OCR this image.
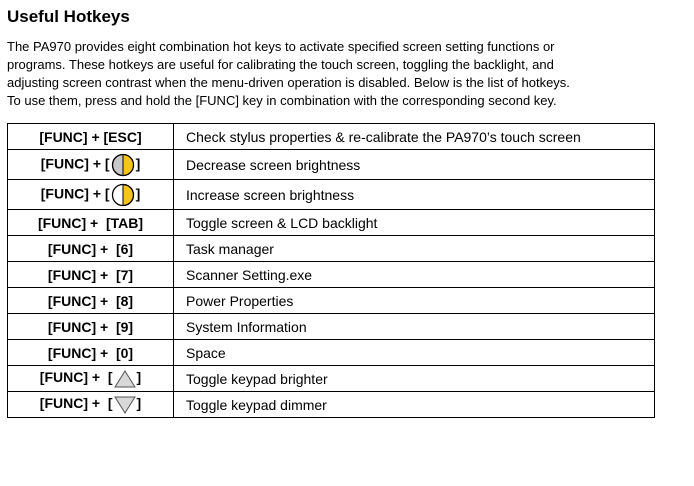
Useful Hotkeys

The PA970 provides eight combination hot keys to activate specified screen setting functions or
programs. These hotkeys are useful for calibrating the touch screen, toggling the backlight, and
adjusting screen contrast when the menu-driven operation is disabled. Below is the list of hotkeys.
To use them, press and hold the [FUNC] key in combination with the corresponding second key.

[FUNC] + [ESC]	Check stylus properties & re-calibrate the PA970’s touch screen
[FUNC] + [ ]	Decrease screen brightness
[FUNC] + [ ]	Increase screen brightness
[FUNC] +  [TAB]	Toggle screen & LCD backlight
[FUNC] +  [6]	Task manager
[FUNC] +  [7]	Scanner Setting.exe
[FUNC] +  [8]	Power Properties
[FUNC] +  [9]	System Information
[FUNC] +  [0]	Space
[FUNC] +  [ ]	Toggle keypad brighter
[FUNC] +  [ ]	Toggle keypad dimmer
